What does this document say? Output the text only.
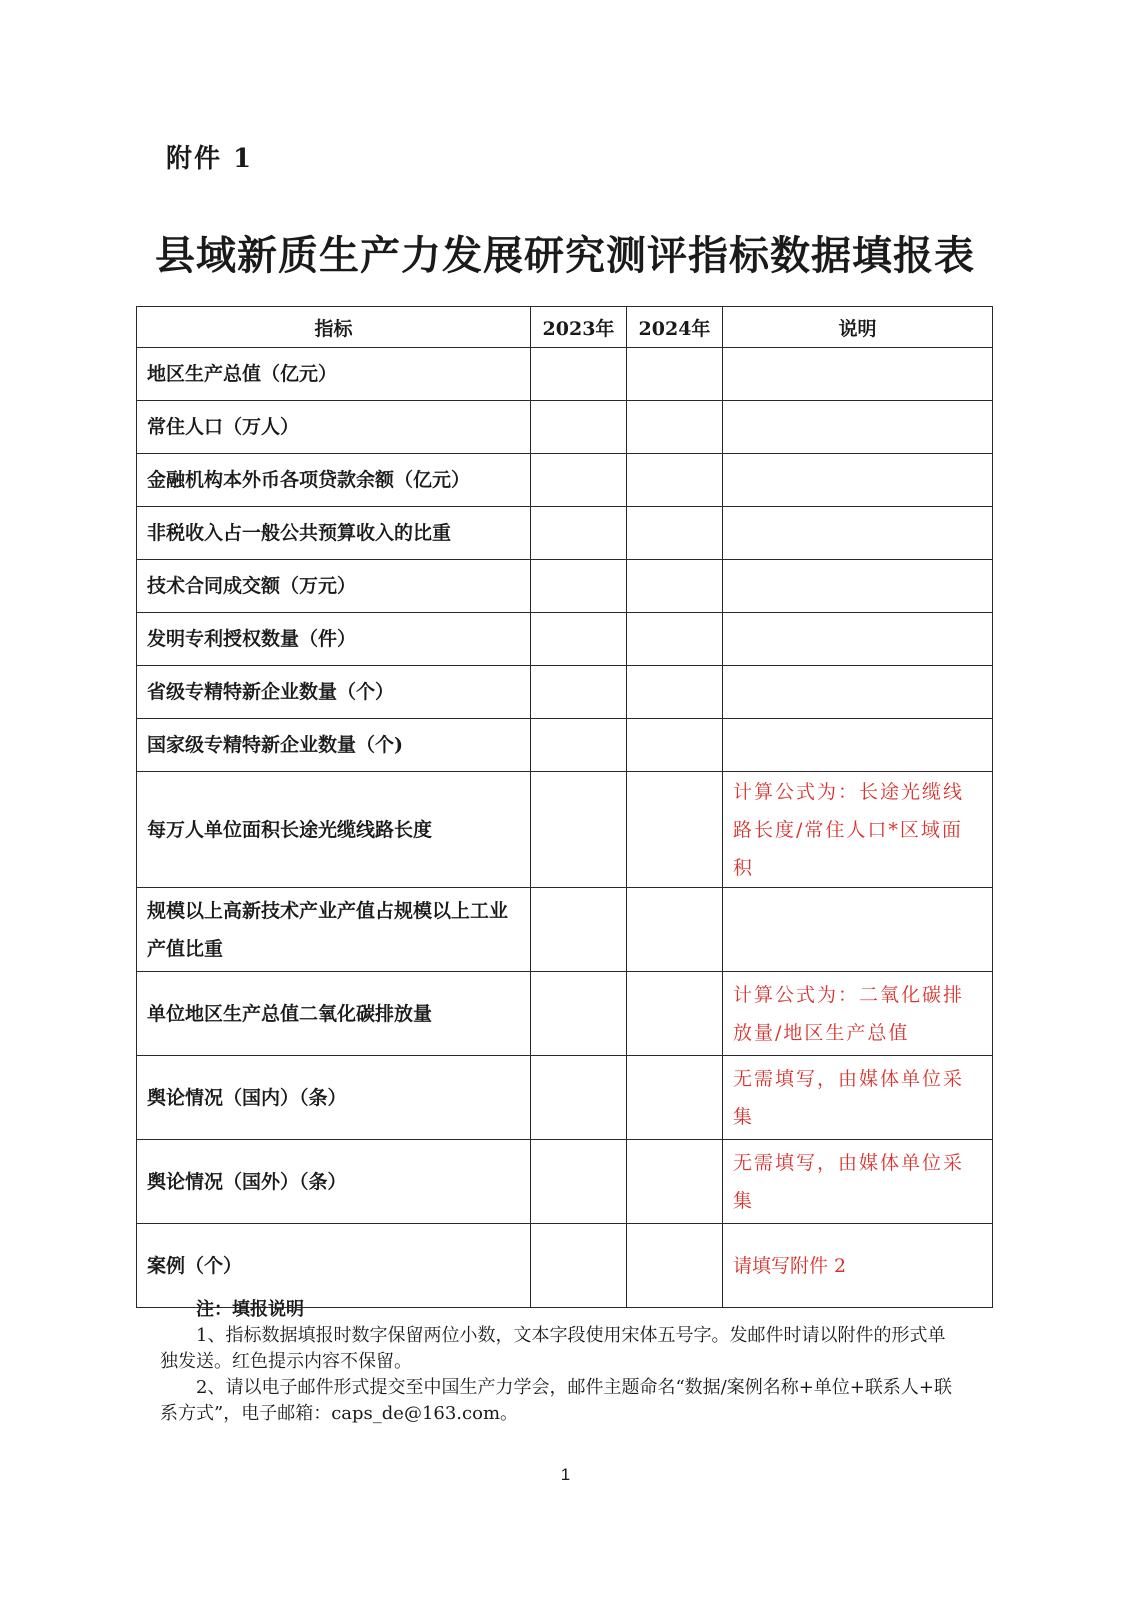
附件 1
县域新质生产力发展研究测评指标数据填报表
指标	2023年	2024年	说明
地区生产总值（亿元）			
常住人口（万人）			
金融机构本外币各项贷款余额（亿元）			
非税收入占一般公共预算收入的比重			
技术合同成交额（万元）			
发明专利授权数量（件）			
省级专精特新企业数量（个）			
国家级专精特新企业数量（个)			
每万人单位面积长途光缆线路长度			计算公式为：长途光缆线路长度/常住人口*区域面积
规模以上高新技术产业产值占规模以上工业产值比重			
单位地区生产总值二氧化碳排放量			计算公式为：二氧化碳排放量/地区生产总值
舆论情况（国内）（条）			无需填写，由媒体单位采集
舆论情况（国外）（条）			无需填写，由媒体单位采集
案例（个）			请填写附件 2
注：填报说明

1、指标数据填报时数字保留两位小数，文本字段使用宋体五号字。发邮件时请以附件的形式单独发送。红色提示内容不保留。

2、请以电子邮件形式提交至中国生产力学会，邮件主题命名“数据/案例名称+单位+联系人+联系方式”，电子邮箱：caps_de@163.com。

1
